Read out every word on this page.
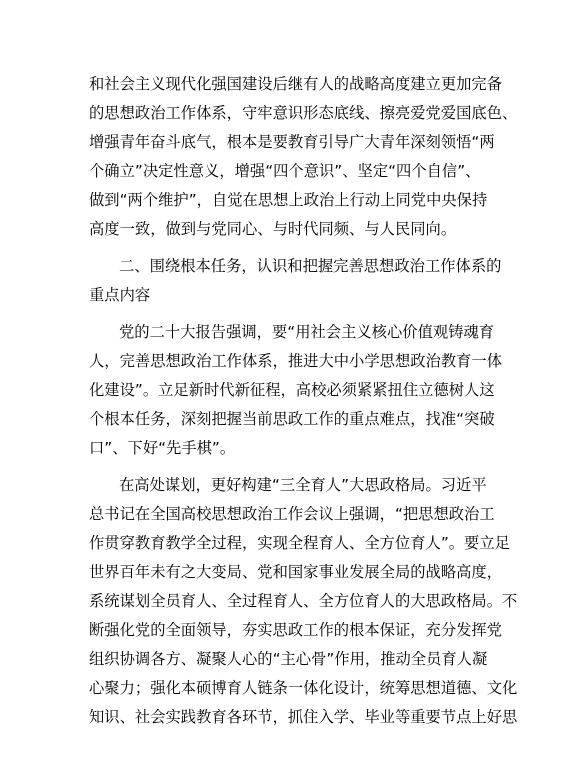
和社会主义现代化强国建设后继有人的战略高度建立更加完备
的思想政治工作体系，守牢意识形态底线、擦亮爱党爱国底色、
增强青年奋斗底气，根本是要教育引导广大青年深刻领悟“两
个确立”决定性意义，增强“四个意识”、坚定“四个自信”、
做到“两个维护”，自觉在思想上政治上行动上同党中央保持
高度一致，做到与党同心、与时代同频、与人民同向。
二、围绕根本任务，认识和把握完善思想政治工作体系的
重点内容
党的二十大报告强调，要“用社会主义核心价值观铸魂育
人，完善思想政治工作体系，推进大中小学思想政治教育一体
化建设”。立足新时代新征程，高校必须紧紧扭住立德树人这
个根本任务，深刻把握当前思政工作的重点难点，找准“突破
口”、下好“先手棋”。
在高处谋划，更好构建“三全育人”大思政格局。习近平
总书记在全国高校思想政治工作会议上强调，“把思想政治工
作贯穿教育教学全过程，实现全程育人、全方位育人”。要立足
世界百年未有之大变局、党和国家事业发展全局的战略高度，
系统谋划全员育人、全过程育人、全方位育人的大思政格局。不
断强化党的全面领导，夯实思政工作的根本保证，充分发挥党
组织协调各方、凝聚人心的“主心骨”作用，推动全员育人凝
心聚力；强化本硕博育人链条一体化设计，统筹思想道德、文化
知识、社会实践教育各环节，抓住入学、毕业等重要节点上好思
